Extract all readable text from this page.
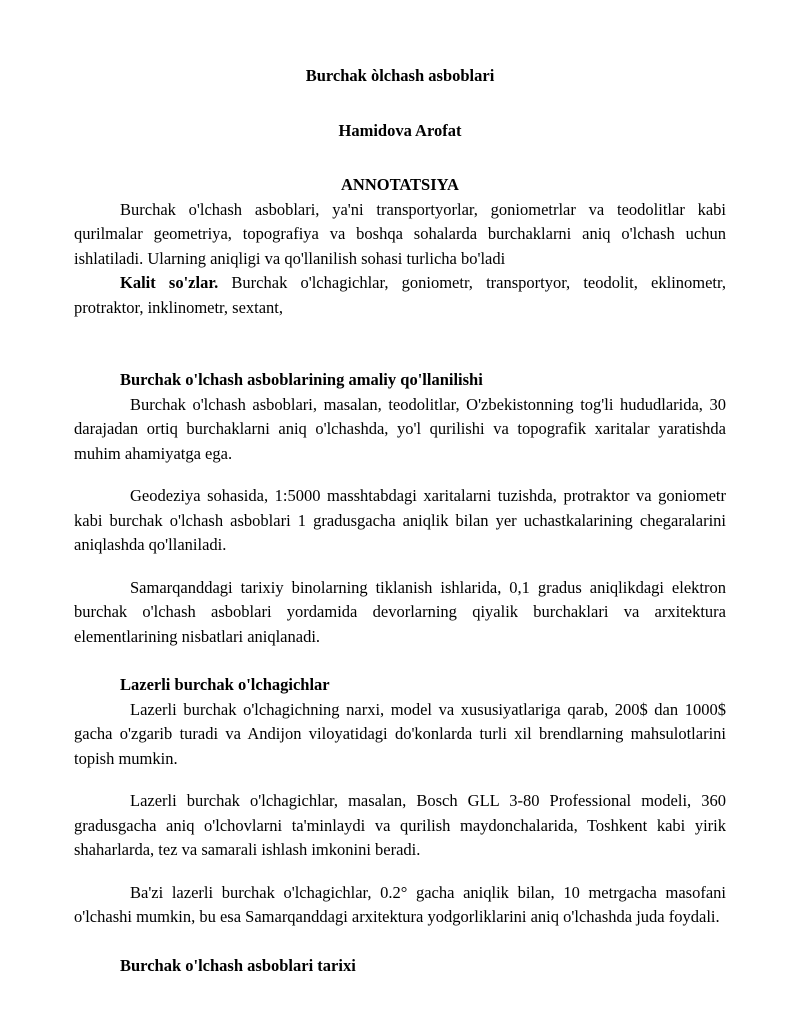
Burchak òlchash asboblari
Hamidova Arofat
ANNOTATSIYA

Burchak o'lchash asboblari, ya'ni transportyorlar, goniometrlar va teodolitlar kabi qurilmalar geometriya, topografiya va boshqa sohalarda burchaklarni aniq o'lchash uchun ishlatiladi. Ularning aniqligi va qo'llanilish sohasi turlicha bo'ladi

Kalit so'zlar. Burchak o'lchagichlar, goniometr, transportyor, teodolit, eklinometr, protraktor, inklinometr, sextant,

Burchak o'lchash asboblarining amaliy qo'llanilishi

Burchak o'lchash asboblari, masalan, teodolitlar, O'zbekistonning tog'li hududlarida, 30 darajadan ortiq burchaklarni aniq o'lchashda, yo'l qurilishi va topografik xaritalar yaratishda muhim ahamiyatga ega.

Geodeziya sohasida, 1:5000 masshtabdagi xaritalarni tuzishda, protraktor va goniometr kabi burchak o'lchash asboblari 1 gradusgacha aniqlik bilan yer uchastkalarining chegaralarini aniqlashda qo'llaniladi.

Samarqanddagi tarixiy binolarning tiklanish ishlarida, 0,1 gradus aniqlikdagi elektron burchak o'lchash asboblari yordamida devorlarning qiyalik burchaklari va arxitektura elementlarining nisbatlari aniqlanadi.

Lazerli burchak o'lchagichlar

Lazerli burchak o'lchagichning narxi, model va xususiyatlariga qarab, 200$ dan 1000$ gacha o'zgarib turadi va Andijon viloyatidagi do'konlarda turli xil brendlarning mahsulotlarini topish mumkin.

Lazerli burchak o'lchagichlar, masalan, Bosch GLL 3-80 Professional modeli, 360 gradusgacha aniq o'lchovlarni ta'minlaydi va qurilish maydonchalarida, Toshkent kabi yirik shaharlarda, tez va samarali ishlash imkonini beradi.

Ba'zi lazerli burchak o'lchagichlar, 0.2° gacha aniqlik bilan, 10 metrgacha masofani o'lchashi mumkin, bu esa Samarqanddagi arxitektura yodgorliklarini aniq o'lchashda juda foydali.

Burchak o'lchash asboblari tarixi
